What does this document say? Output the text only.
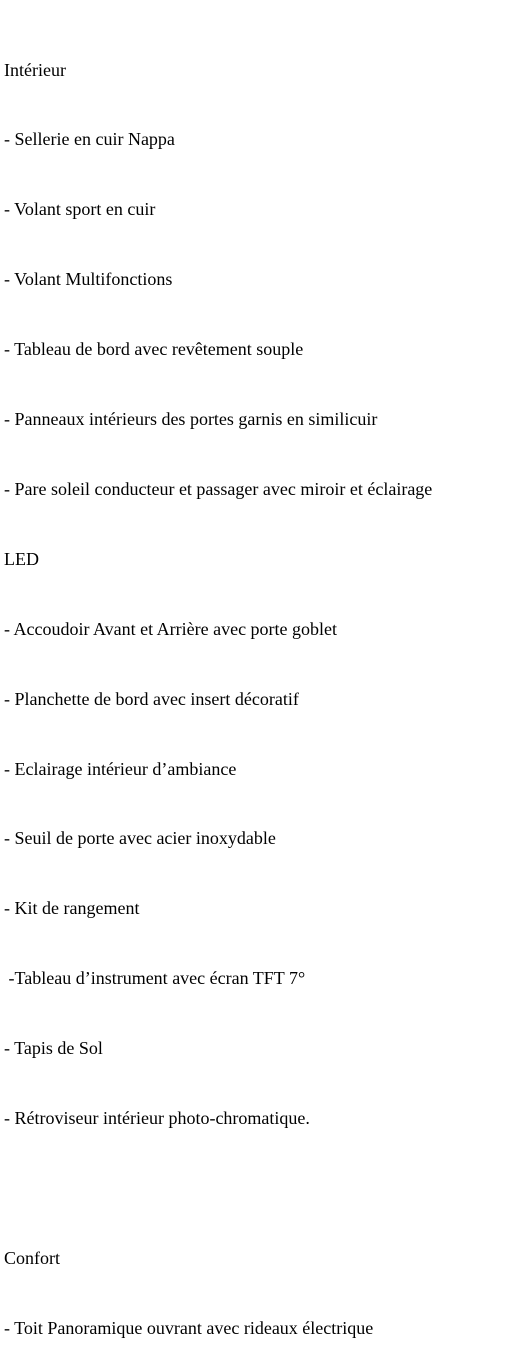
Intérieur

- Sellerie en cuir Nappa

- Volant sport en cuir

- Volant Multifonctions

- Tableau de bord avec revêtement souple

- Panneaux intérieurs des portes garnis en similicuir

- Pare soleil conducteur et passager avec miroir et éclairage

LED

- Accoudoir Avant et Arrière avec porte goblet

- Planchette de bord avec insert décoratif

- Eclairage intérieur d’ambiance

- Seuil de porte avec acier inoxydable

- Kit de rangement

-Tableau d’instrument avec écran TFT 7°

- Tapis de Sol

- Rétroviseur intérieur photo-chromatique.

Confort

- Toit Panoramique ouvrant avec rideaux électrique
